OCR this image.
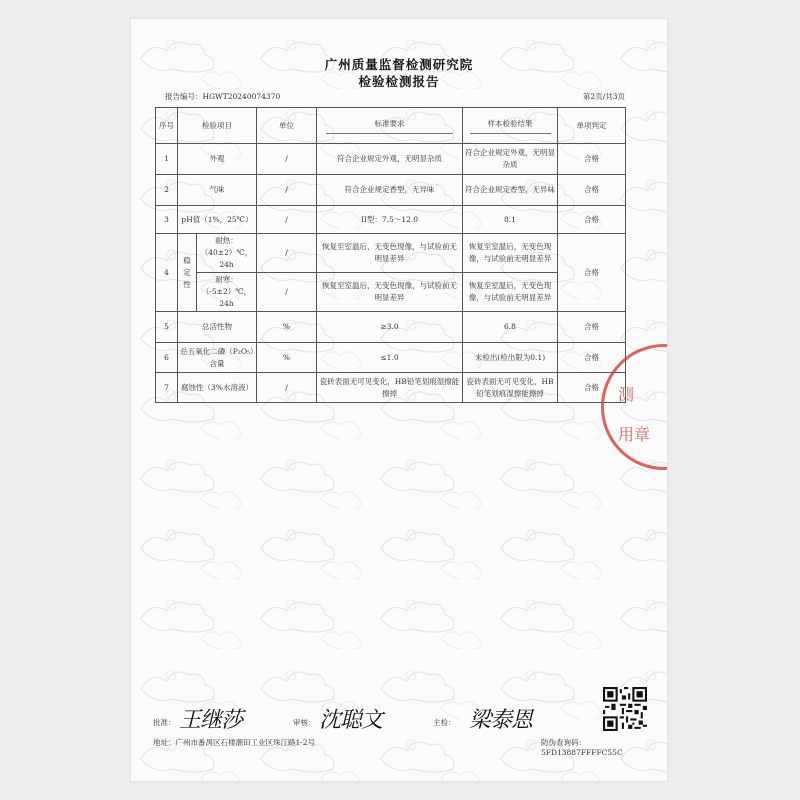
广州质量监督检测研究院
检验检测报告
报告编号：HGWT20240074370	第2页/共3页
序号	检验项目		单位	标准要求	样本检验结果	单项判定
1	外观		/	符合企业规定外观，无明显杂质	符合企业规定外观，无明显杂质	合格
2	气味		/	符合企业规定香型，无异味	符合企业规定香型，无异味	合格
3	pH值（1%，25℃）		/	II型：7.5～12.0	8.1	合格
4	稳定性	耐热：（40±2）℃，24h	/	恢复至室温后，无变色现像，与试验前无明显差异	恢复至室温后，无变色现像，与试验前无明显差异	合格
		耐寒：（-5±2）℃，24h	/	恢复至室温后，无变色现像，与试验前无明显差异	恢复至室温后，无变色现像，与试验前无明显差异	
5	总活性物		%	≥3.0	6.8	合格
6	总五氧化二磷（P₂O₅）含量		%	≤1.0	未检出(检出限为0.1)	合格
7	腐蚀性（3%水溶液）		/	瓷砖表面无可见变化，HB铅笔划痕湿擦能擦掉	瓷砖表面无可见变化，HB铅笔划痕湿擦能擦掉	合格 测
用章
批准： 王继莎	审核： 沈聪文	主检： 梁泰恩
地址：广州市番禺区石楼潮田工业区珠江路1-2号	防伪查询码：5FD13887FFFFC55C
